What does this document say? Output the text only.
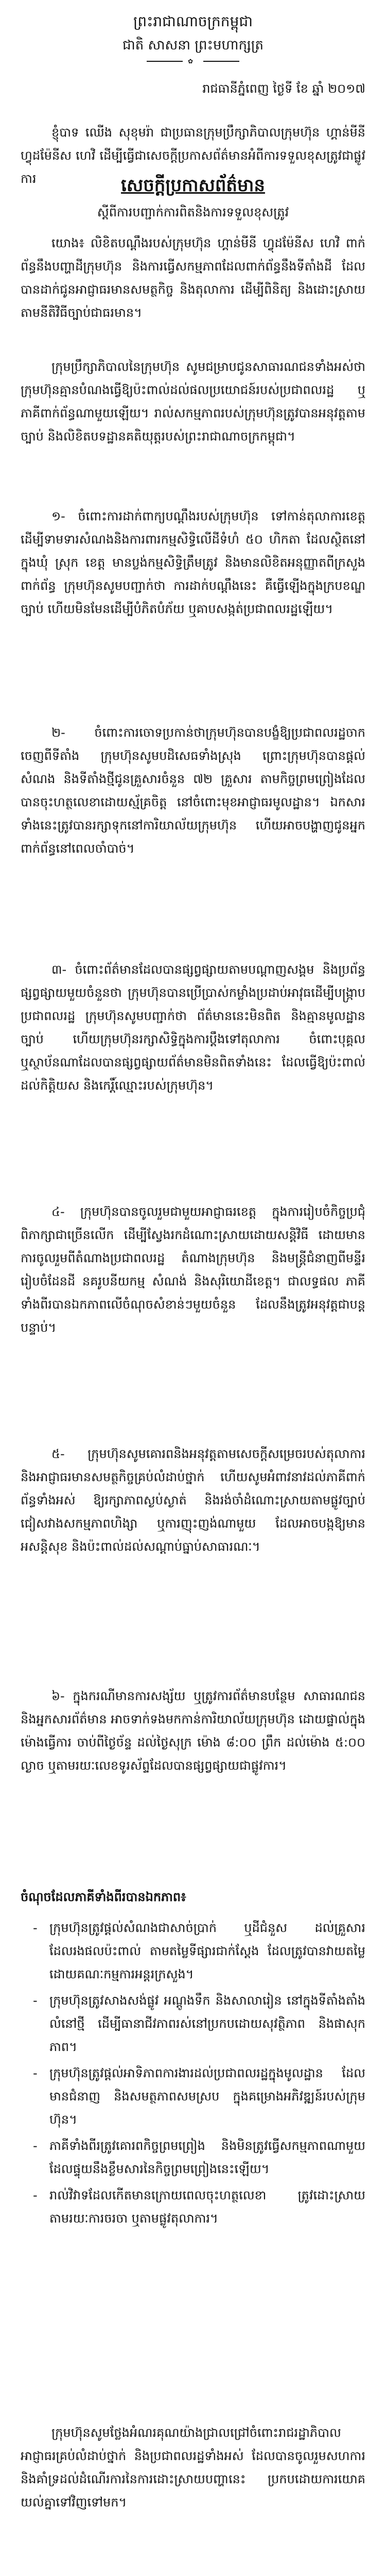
ព្រះរាជាណាចក្រកម្ពុជា
ជាតិ សាសនា ព្រះមហាក្សត្រ
✿
រាជធានីភ្នំពេញ ថ្ងៃទី ខែ ឆ្នាំ ២០១៧
ខ្ញុំបាទ ឈើង សុខុមរ៉ា ជាប្រធានក្រុមប្រឹក្សាភិបាលក្រុមហ៊ុន ហ្គាន់មីនី ហ្វុដម៉ែនីស ហេវិ ដើម្បីធ្វើជាសេចក្តីប្រកាសព័ត៌មានអំពីការទទួលខុសត្រូវជាផ្លូវការ	សេចក្តីប្រកាសព័ត៌មាន
ស្តីពីការបញ្ជាក់ការពិតនិងការទទួលខុសត្រូវ
យោង៖ លិខិតបណ្តឹងរបស់ក្រុមហ៊ុន ហ្គាន់មីនី ហ្វុដម៉ែនីស ហេវិ ពាក់ព័ន្ធនឹងបញ្ហាដីក្រុមហ៊ុន និងការធ្វើសកម្មភាពដែលពាក់ព័ន្ធនឹងទីតាំងដី ដែលបានដាក់ជូនអាជ្ញាធរមានសមត្ថកិច្ច និងតុលាការ ដើម្បីពិនិត្យ និងដោះស្រាយតាមនីតិវិធីច្បាប់ជាធរមាន។
ក្រុមប្រឹក្សាភិបាលនៃក្រុមហ៊ុន សូមជម្រាបជូនសាធារណជនទាំងអស់ថា ក្រុមហ៊ុនគ្មានបំណងធ្វើឱ្យប៉ះពាល់ដល់ផលប្រយោជន៍របស់ប្រជាពលរដ្ឋ ឬភាគីពាក់ព័ន្ធណាមួយឡើយ។ រាល់សកម្មភាពរបស់ក្រុមហ៊ុនត្រូវបានអនុវត្តតាមច្បាប់ និងលិខិតបទដ្ឋានគតិយុត្តរបស់ព្រះរាជាណាចក្រកម្ពុជា។
១- ចំពោះការដាក់ពាក្យបណ្តឹងរបស់ក្រុមហ៊ុន ទៅកាន់តុលាការខេត្ត ដើម្បីទាមទារសំណងនិងការពារកម្មសិទ្ធិលើដីទំហំ ៥០ ហិកតា ដែលស្ថិតនៅក្នុងឃុំ ស្រុក ខេត្ត មានប្លង់កម្មសិទ្ធិត្រឹមត្រូវ និងមានលិខិតអនុញ្ញាតពីក្រសួងពាក់ព័ន្ធ ក្រុមហ៊ុនសូមបញ្ជាក់ថា ការដាក់បណ្តឹងនេះ គឺធ្វើឡើងក្នុងក្របខណ្ឌច្បាប់ ហើយមិនមែនដើម្បីបំភិតបំភ័យ ឬគាបសង្កត់ប្រជាពលរដ្ឋឡើយ។
២- ចំពោះការចោទប្រកាន់ថាក្រុមហ៊ុនបានបង្ខំឱ្យប្រជាពលរដ្ឋចាកចេញពីទីតាំង ក្រុមហ៊ុនសូមបដិសេធទាំងស្រុង ព្រោះក្រុមហ៊ុនបានផ្តល់សំណង និងទីតាំងថ្មីជូនគ្រួសារចំនួន ៧២ គ្រួសារ តាមកិច្ចព្រមព្រៀងដែលបានចុះហត្ថលេខាដោយស្ម័គ្រចិត្ត នៅចំពោះមុខអាជ្ញាធរមូលដ្ឋាន។ ឯកសារទាំងនេះត្រូវបានរក្សាទុកនៅការិយាល័យក្រុមហ៊ុន ហើយអាចបង្ហាញជូនអ្នកពាក់ព័ន្ធនៅពេលចាំបាច់។
៣- ចំពោះព័ត៌មានដែលបានផ្សព្វផ្សាយតាមបណ្តាញសង្គម និងប្រព័ន្ធផ្សព្វផ្សាយមួយចំនួនថា ក្រុមហ៊ុនបានប្រើប្រាស់កម្លាំងប្រដាប់អាវុធដើម្បីបង្ក្រាបប្រជាពលរដ្ឋ ក្រុមហ៊ុនសូមបញ្ជាក់ថា ព័ត៌មាននេះមិនពិត និងគ្មានមូលដ្ឋានច្បាប់ ហើយក្រុមហ៊ុនរក្សាសិទ្ធិក្នុងការប្តឹងទៅតុលាការ ចំពោះបុគ្គល ឬស្ថាប័នណាដែលបានផ្សព្វផ្សាយព័ត៌មានមិនពិតទាំងនេះ ដែលធ្វើឱ្យប៉ះពាល់ដល់កិត្តិយស និងកេរ្តិ៍ឈ្មោះរបស់ក្រុមហ៊ុន។
៤- ក្រុមហ៊ុនបានចូលរួមជាមួយអាជ្ញាធរខេត្ត ក្នុងការរៀបចំកិច្ចប្រជុំពិភាក្សាជាច្រើនលើក ដើម្បីស្វែងរកដំណោះស្រាយដោយសន្តិវិធី ដោយមានការចូលរួមពីតំណាងប្រជាពលរដ្ឋ តំណាងក្រុមហ៊ុន និងមន្ត្រីជំនាញពីមន្ទីររៀបចំដែនដី នគរូបនីយកម្ម សំណង់ និងសុរិយោដីខេត្ត។ ជាលទ្ធផល ភាគីទាំងពីរបានឯកភាពលើចំណុចសំខាន់ៗមួយចំនួន ដែលនឹងត្រូវអនុវត្តជាបន្តបន្ទាប់។
៥- ក្រុមហ៊ុនសូមគោរពនិងអនុវត្តតាមសេចក្តីសម្រេចរបស់តុលាការ និងអាជ្ញាធរមានសមត្ថកិច្ចគ្រប់លំដាប់ថ្នាក់ ហើយសូមអំពាវនាវដល់ភាគីពាក់ព័ន្ធទាំងអស់ ឱ្យរក្សាភាពស្ងប់ស្ងាត់ និងរង់ចាំដំណោះស្រាយតាមផ្លូវច្បាប់ ជៀសវាងសកម្មភាពហិង្សា ឬការញុះញង់ណាមួយ ដែលអាចបង្កឱ្យមានអសន្តិសុខ និងប៉ះពាល់ដល់សណ្តាប់ធ្នាប់សាធារណៈ។
៦- ក្នុងករណីមានការសង្ស័យ ឬត្រូវការព័ត៌មានបន្ថែម សាធារណជន និងអ្នកសារព័ត៌មាន អាចទាក់ទងមកកាន់ការិយាល័យក្រុមហ៊ុន ដោយផ្ទាល់ក្នុងម៉ោងធ្វើការ ចាប់ពីថ្ងៃច័ន្ទ ដល់ថ្ងៃសុក្រ ម៉ោង ៨:០០ ព្រឹក ដល់ម៉ោង ៥:០០ ល្ងាច ឬតាមរយៈលេខទូរស័ព្ទដែលបានផ្សព្វផ្សាយជាផ្លូវការ។
ចំណុចដែលភាគីទាំងពីរបានឯកភាព៖
- ក្រុមហ៊ុនត្រូវផ្តល់សំណងជាសាច់ប្រាក់ ឬដីជំនួស ដល់គ្រួសារដែលរងផលប៉ះពាល់ តាមតម្លៃទីផ្សារជាក់ស្តែង ដែលត្រូវបានវាយតម្លៃដោយគណៈកម្មការអន្តរក្រសួង។
- ក្រុមហ៊ុនត្រូវសាងសង់ផ្លូវ អណ្តូងទឹក និងសាលារៀន នៅក្នុងទីតាំងតាំងលំនៅថ្មី ដើម្បីធានាជីវភាពរស់នៅប្រកបដោយសុវត្ថិភាព និងផាសុកភាព។
- ក្រុមហ៊ុនត្រូវផ្តល់អាទិភាពការងារដល់ប្រជាពលរដ្ឋក្នុងមូលដ្ឋាន ដែលមានជំនាញ និងសមត្ថភាពសមស្រប ក្នុងគម្រោងអភិវឌ្ឍន៍របស់ក្រុមហ៊ុន។
- ភាគីទាំងពីរត្រូវគោរពកិច្ចព្រមព្រៀង និងមិនត្រូវធ្វើសកម្មភាពណាមួយដែលផ្ទុយនឹងខ្លឹមសារនៃកិច្ចព្រមព្រៀងនេះឡើយ។
- រាល់វិវាទដែលកើតមានក្រោយពេលចុះហត្ថលេខា ត្រូវដោះស្រាយតាមរយៈការចរចា ឬតាមផ្លូវតុលាការ។
ក្រុមហ៊ុនសូមថ្លែងអំណរគុណយ៉ាងជ្រាលជ្រៅចំពោះរាជរដ្ឋាភិបាល អាជ្ញាធរគ្រប់លំដាប់ថ្នាក់ និងប្រជាពលរដ្ឋទាំងអស់ ដែលបានចូលរួមសហការ និងគាំទ្រដល់ដំណើរការនៃការដោះស្រាយបញ្ហានេះ ប្រកបដោយការយោគយល់គ្នាទៅវិញទៅមក។
